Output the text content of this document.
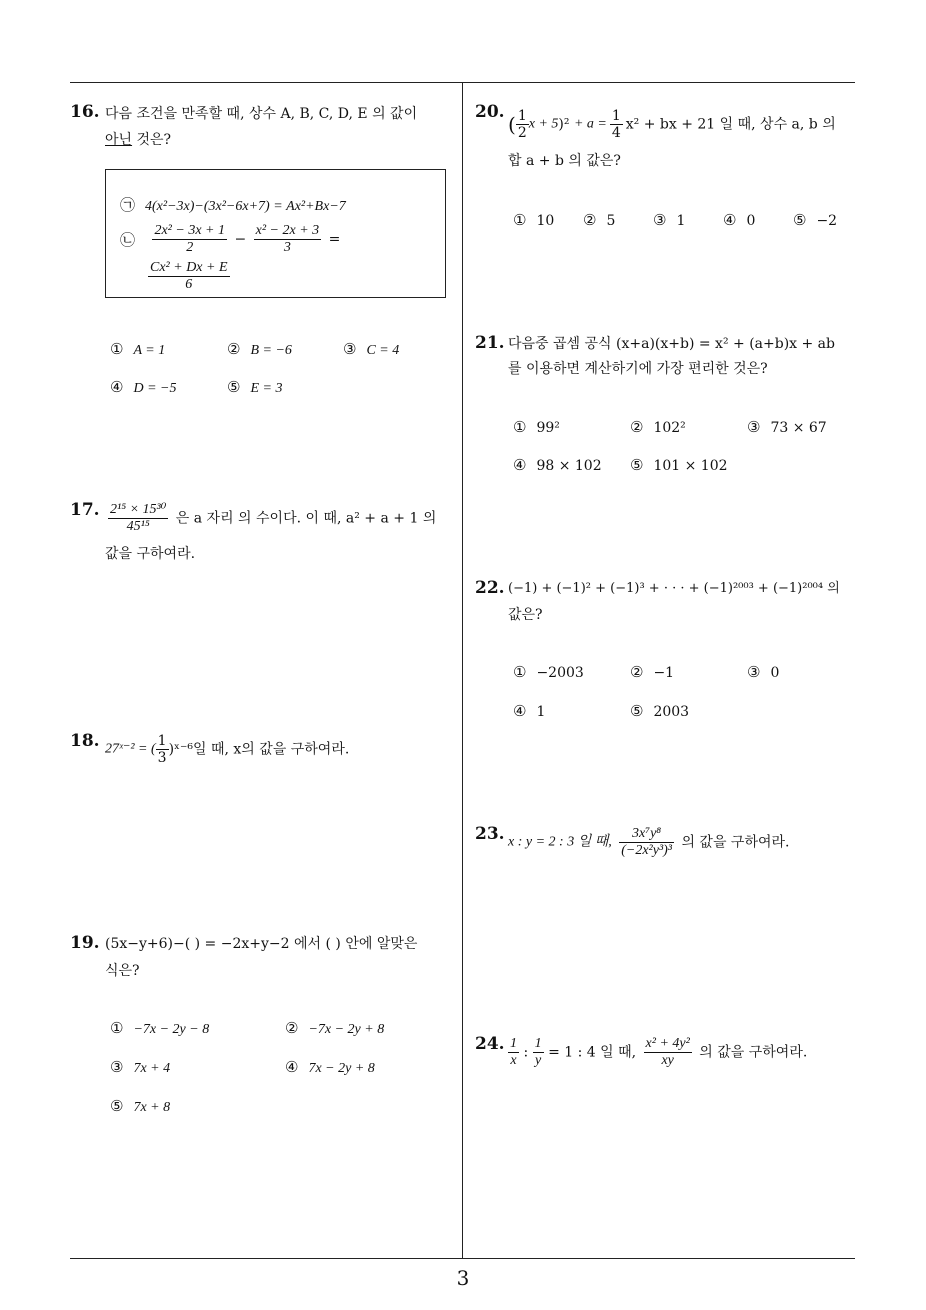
16. 다음 조건을 만족할 때, 상수 A, B, C, D, E 의 값이
아닌 것은?
㉠ 4(x²−3x)−(3x²−6x+7) = Ax²+Bx−7
㉡ $\frac{\text{2x² − 3x + 1}}{2} - \frac{\text{x² − 2x + 3}}{3}$ =
$\frac{\text{Cx² + Dx + E}}{6}$
① A = 1	② B = −6	③ C = 4
④ D = −5	⑤ E = 3
17. $\frac{\text{2¹⁵ × 15³⁰}}{\text{45¹⁵}}$ 은 a 자리 의 수이다. 이 때, a² + a + 1 의
값을 구하여라.
18. 27ˣ⁻² = ( $\frac{1}{3}$ )ˣ⁻⁶일 때, x의 값을 구하여라.
19. (5x−y+6)−( ) = −2x+y−2 에서 ( ) 안에 알맞은
식은?
① −7x − 2y − 8	② −7x − 2y + 8
③ 7x + 4	④ 7x − 2y + 8
⑤ 7x + 8
20.
( $\frac{1}{2}$ $x + 5)^2 + a = \frac{1}{4} x^2$ + bx + 21 일 때, 상수 a, b 의
합 a + b 의 값은?
① 10 ② 5	③ 1	④ 0	⑤ −2
21. 다음중 곱셈 공식 (x+a)(x+b) = x² + (a+b)x + ab
를 이용하면 계산하기에 가장 편리한 것은?
① 99²	② 102²	③ 73 × 67
④ 98 × 102 ⑤ 101 × 102
22. (−1) + (−1)² + (−1)³ + · · · + (−1)²⁰⁰³ + (−1)²⁰⁰⁴ 의
값은?
① −2003	② −1	③ 0
④ 1	⑤ 2003
23. x : y = 2 : 3 일 때, $\frac{\text{3x⁷y⁸}}{\text{(−2x²y³)³}}$ 의 값을 구하여라.
24. $\frac{1}{x}$ : $\frac{1}{y} = 1$ : 4 일 때, $\frac{\text{x² + 4y²}}{xy}$ 의 값을 구하여라.
3
